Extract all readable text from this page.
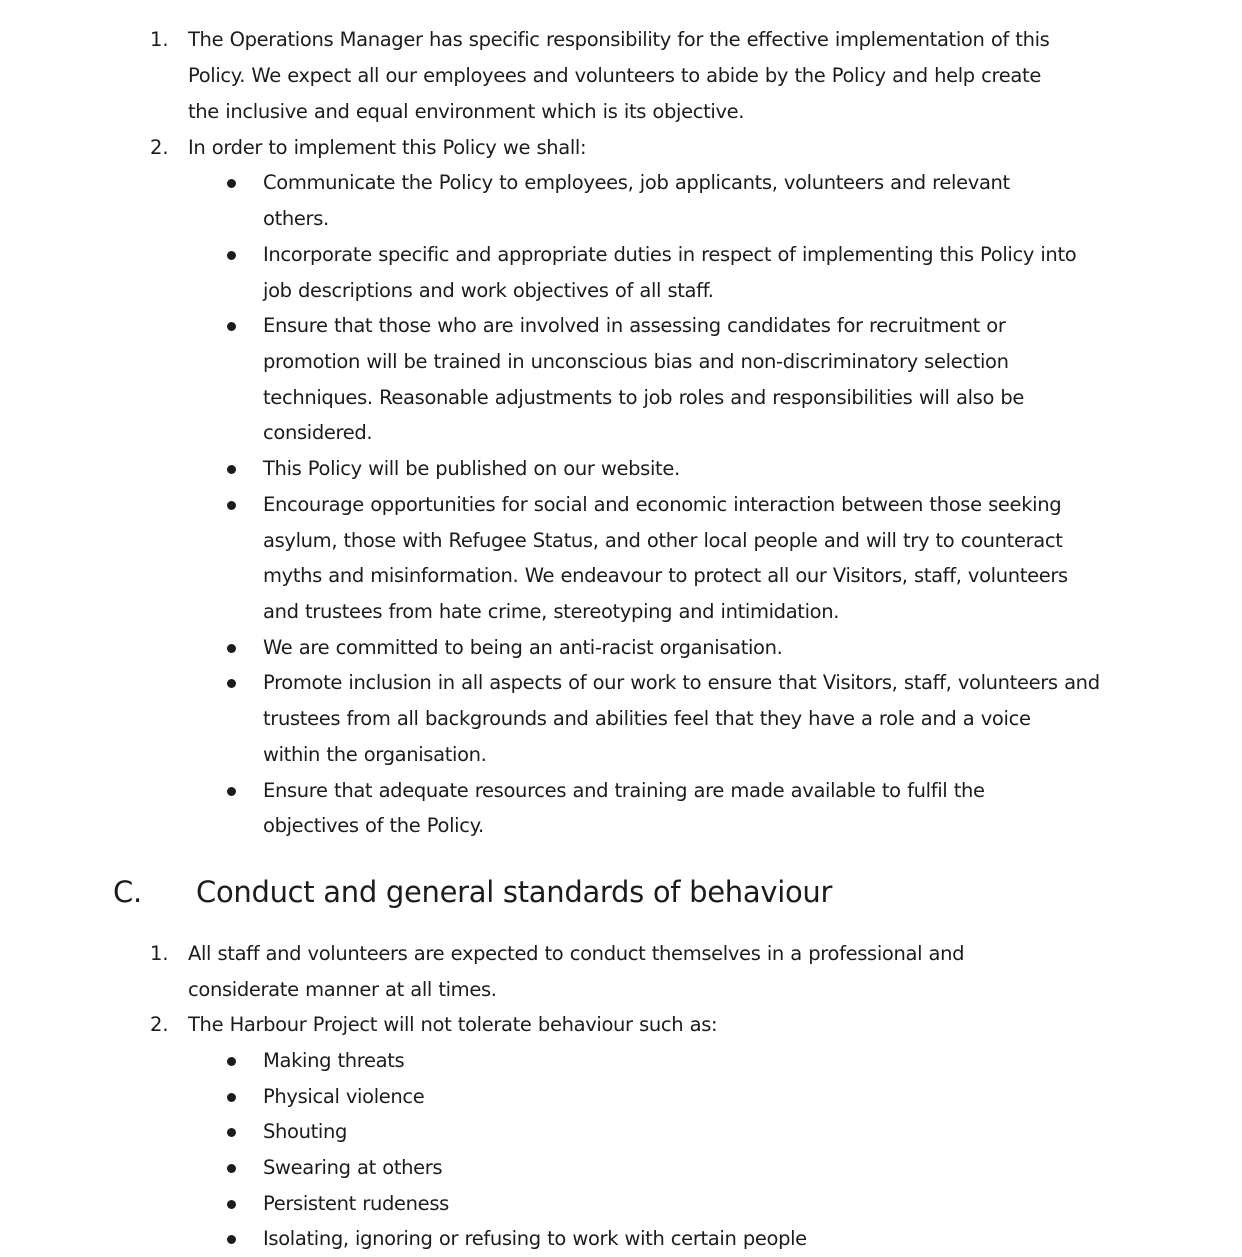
1. The Operations Manager has specific responsibility for the effective implementation of this
Policy. We expect all our employees and volunteers to abide by the Policy and help create
the inclusive and equal environment which is its objective.
2. In order to implement this Policy we shall:
Communicate the Policy to employees, job applicants, volunteers and relevant
others.
Incorporate specific and appropriate duties in respect of implementing this Policy into
job descriptions and work objectives of all staff.
Ensure that those who are involved in assessing candidates for recruitment or
promotion will be trained in unconscious bias and non-discriminatory selection
techniques. Reasonable adjustments to job roles and responsibilities will also be
considered.
This Policy will be published on our website.
Encourage opportunities for social and economic interaction between those seeking
asylum, those with Refugee Status, and other local people and will try to counteract
myths and misinformation. We endeavour to protect all our Visitors, staff, volunteers
and trustees from hate crime, stereotyping and intimidation.
We are committed to being an anti-racist organisation.
Promote inclusion in all aspects of our work to ensure that Visitors, staff, volunteers and
trustees from all backgrounds and abilities feel that they have a role and a voice
within the organisation.
Ensure that adequate resources and training are made available to fulfil the
objectives of the Policy.
C. Conduct and general standards of behaviour
1. All staff and volunteers are expected to conduct themselves in a professional and
considerate manner at all times.
2. The Harbour Project will not tolerate behaviour such as:
Making threats
Physical violence
Shouting
Swearing at others
Persistent rudeness
Isolating, ignoring or refusing to work with certain people
